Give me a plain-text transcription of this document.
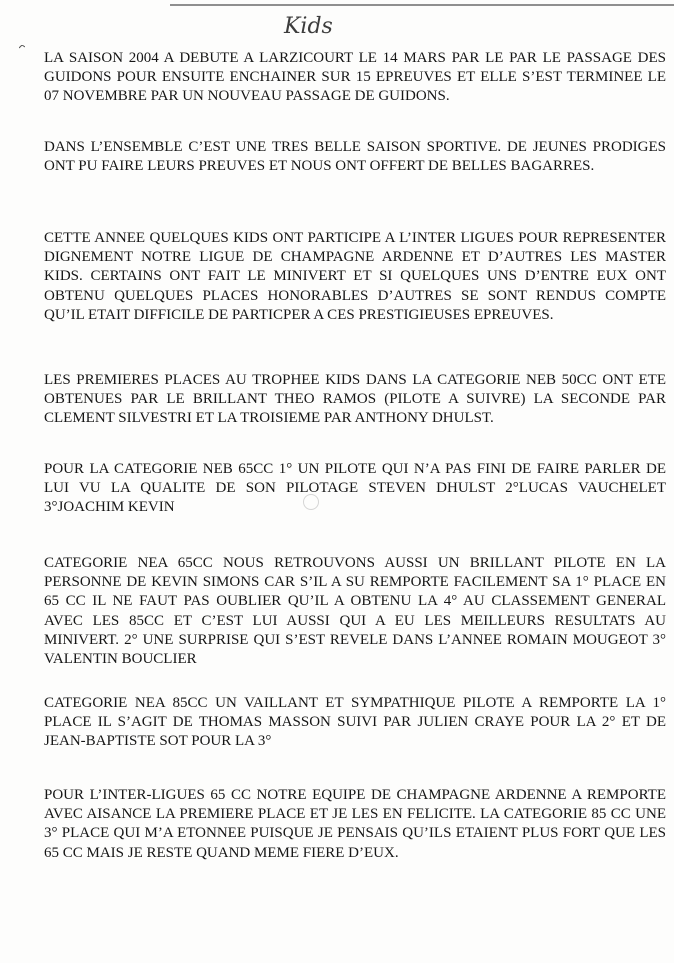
Kids

LA SAISON 2004 A DEBUTE A LARZICOURT LE 14 MARS PAR LE PAR LE PASSAGE DES GUIDONS POUR ENSUITE ENCHAINER SUR 15 EPREUVES ET ELLE S’EST TERMINEE LE 07 NOVEMBRE PAR UN NOUVEAU PASSAGE DE GUIDONS.

DANS L’ENSEMBLE C’EST UNE TRES BELLE SAISON SPORTIVE. DE JEUNES PRODIGES ONT PU FAIRE LEURS PREUVES ET NOUS ONT OFFERT DE BELLES BAGARRES.

CETTE ANNEE QUELQUES KIDS ONT PARTICIPE A L’INTER LIGUES POUR REPRESENTER DIGNEMENT NOTRE LIGUE DE CHAMPAGNE ARDENNE ET D’AUTRES LES MASTER KIDS. CERTAINS ONT FAIT LE MINIVERT ET SI QUELQUES UNS D’ENTRE EUX ONT OBTENU QUELQUES PLACES HONORABLES D’AUTRES SE SONT RENDUS COMPTE QU’IL ETAIT DIFFICILE DE PARTICPER A CES PRESTIGIEUSES EPREUVES.

LES PREMIERES PLACES AU TROPHEE KIDS DANS LA CATEGORIE NEB 50CC ONT ETE OBTENUES PAR LE BRILLANT THEO RAMOS (PILOTE A SUIVRE) LA SECONDE PAR CLEMENT SILVESTRI ET LA TROISIEME PAR ANTHONY DHULST.

POUR LA CATEGORIE NEB 65CC 1° UN PILOTE QUI N’A PAS FINI DE FAIRE PARLER DE LUI VU LA QUALITE DE SON PILOTAGE STEVEN DHULST 2°LUCAS VAUCHELET 3°JOACHIM KEVIN

CATEGORIE NEA 65CC NOUS RETROUVONS AUSSI UN BRILLANT PILOTE EN LA PERSONNE DE KEVIN SIMONS CAR S’IL A SU REMPORTE FACILEMENT SA 1° PLACE EN 65 CC IL NE FAUT PAS OUBLIER QU’IL A OBTENU LA 4° AU CLASSEMENT GENERAL AVEC LES 85CC ET C’EST LUI AUSSI QUI A EU LES MEILLEURS RESULTATS AU MINIVERT. 2° UNE SURPRISE QUI S’EST REVELE DANS L’ANNEE ROMAIN MOUGEOT 3° VALENTIN BOUCLIER

CATEGORIE NEA 85CC UN VAILLANT ET SYMPATHIQUE PILOTE A REMPORTE LA 1° PLACE IL S’AGIT DE THOMAS MASSON SUIVI PAR JULIEN CRAYE POUR LA 2° ET DE JEAN-BAPTISTE SOT POUR LA 3°

POUR L’INTER-LIGUES 65 CC NOTRE EQUIPE DE CHAMPAGNE ARDENNE A REMPORTE AVEC AISANCE LA PREMIERE PLACE ET JE LES EN FELICITE. LA CATEGORIE 85 CC UNE 3° PLACE QUI M’A ETONNEE PUISQUE JE PENSAIS QU’ILS ETAIENT PLUS FORT QUE LES 65 CC MAIS JE RESTE QUAND MEME FIERE D’EUX.
